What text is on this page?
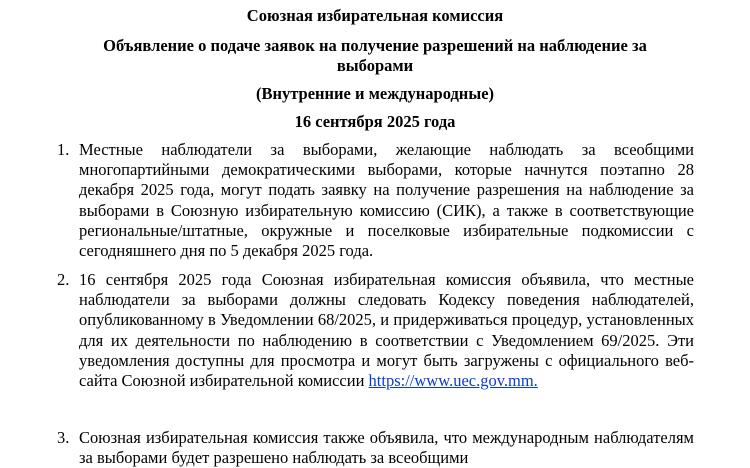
Союзная избирательная комиссия
Объявление о подаче заявок на получение разрешений на наблюдение за выборами
(Внутренние и международные)
16 сентября 2025 года
1. Местные наблюдатели за выборами, желающие наблюдать за всеобщими многопартийными демократическими выборами, которые начнутся поэтапно 28 декабря 2025 года, могут подать заявку на получение разрешения на наблюдение за выборами в Союзную избирательную комиссию (СИК), а также в соответствующие региональные/штатные, окружные и поселковые избирательные подкомиссии с сегодняшнего дня по 5 декабря 2025 года.
2. 16 сентября 2025 года Союзная избирательная комиссия объявила, что местные наблюдатели за выборами должны следовать Кодексу поведения наблюдателей, опубликованному в Уведомлении 68/2025, и придерживаться процедур, установленных для их деятельности по наблюдению в соответствии с Уведомлением 69/2025. Эти уведомления доступны для просмотра и могут быть загружены с официального веб-сайта Союзной избирательной комиссии https://www.uec.gov.mm.
3. Союзная избирательная комиссия также объявила, что международным наблюдателям за выборами будет разрешено наблюдать за всеобщими
